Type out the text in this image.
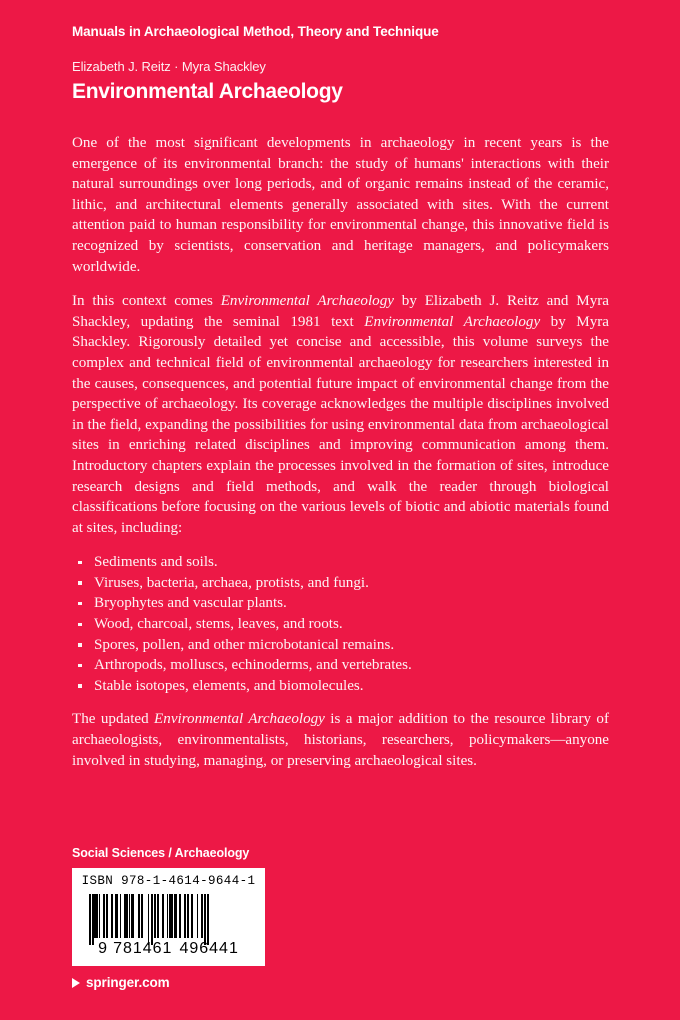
Manuals in Archaeological Method, Theory and Technique

Elizabeth J. Reitz · Myra Shackley

Environmental Archaeology

One of the most significant developments in archaeology in recent years is the emergence of its environmental branch: the study of humans' interactions with their natural surroundings over long periods, and of organic remains instead of the ceramic, lithic, and architectural elements generally associated with sites. With the current attention paid to human responsibility for environmental change, this innovative field is recognized by scientists, conservation and heritage managers, and policymakers worldwide.

In this context comes Environmental Archaeology by Elizabeth J. Reitz and Myra Shackley, updating the seminal 1981 text Environmental Archaeology by Myra Shackley. Rigorously detailed yet concise and accessible, this volume surveys the complex and technical field of environmental archaeology for researchers interested in the causes, consequences, and potential future impact of environmental change from the perspective of archaeology. Its coverage acknowledges the multiple disciplines involved in the field, expanding the possibilities for using environmental data from archaeological sites in enriching related disciplines and improving communication among them. Introductory chapters explain the processes involved in the formation of sites, introduce research designs and field methods, and walk the reader through biological classifications before focusing on the various levels of biotic and abiotic materials found at sites, including:

Sediments and soils.
Viruses, bacteria, archaea, protists, and fungi.
Bryophytes and vascular plants.
Wood, charcoal, stems, leaves, and roots.
Spores, pollen, and other microbotanical remains.
Arthropods, molluscs, echinoderms, and vertebrates.
Stable isotopes, elements, and biomolecules.

The updated Environmental Archaeology is a major addition to the resource library of archaeologists, environmentalists, historians, researchers, policymakers—anyone involved in studying, managing, or preserving archaeological sites.

Social Sciences / Archaeology

ISBN 978-1-4614-9644-1
9 781461 496441
springer.com
